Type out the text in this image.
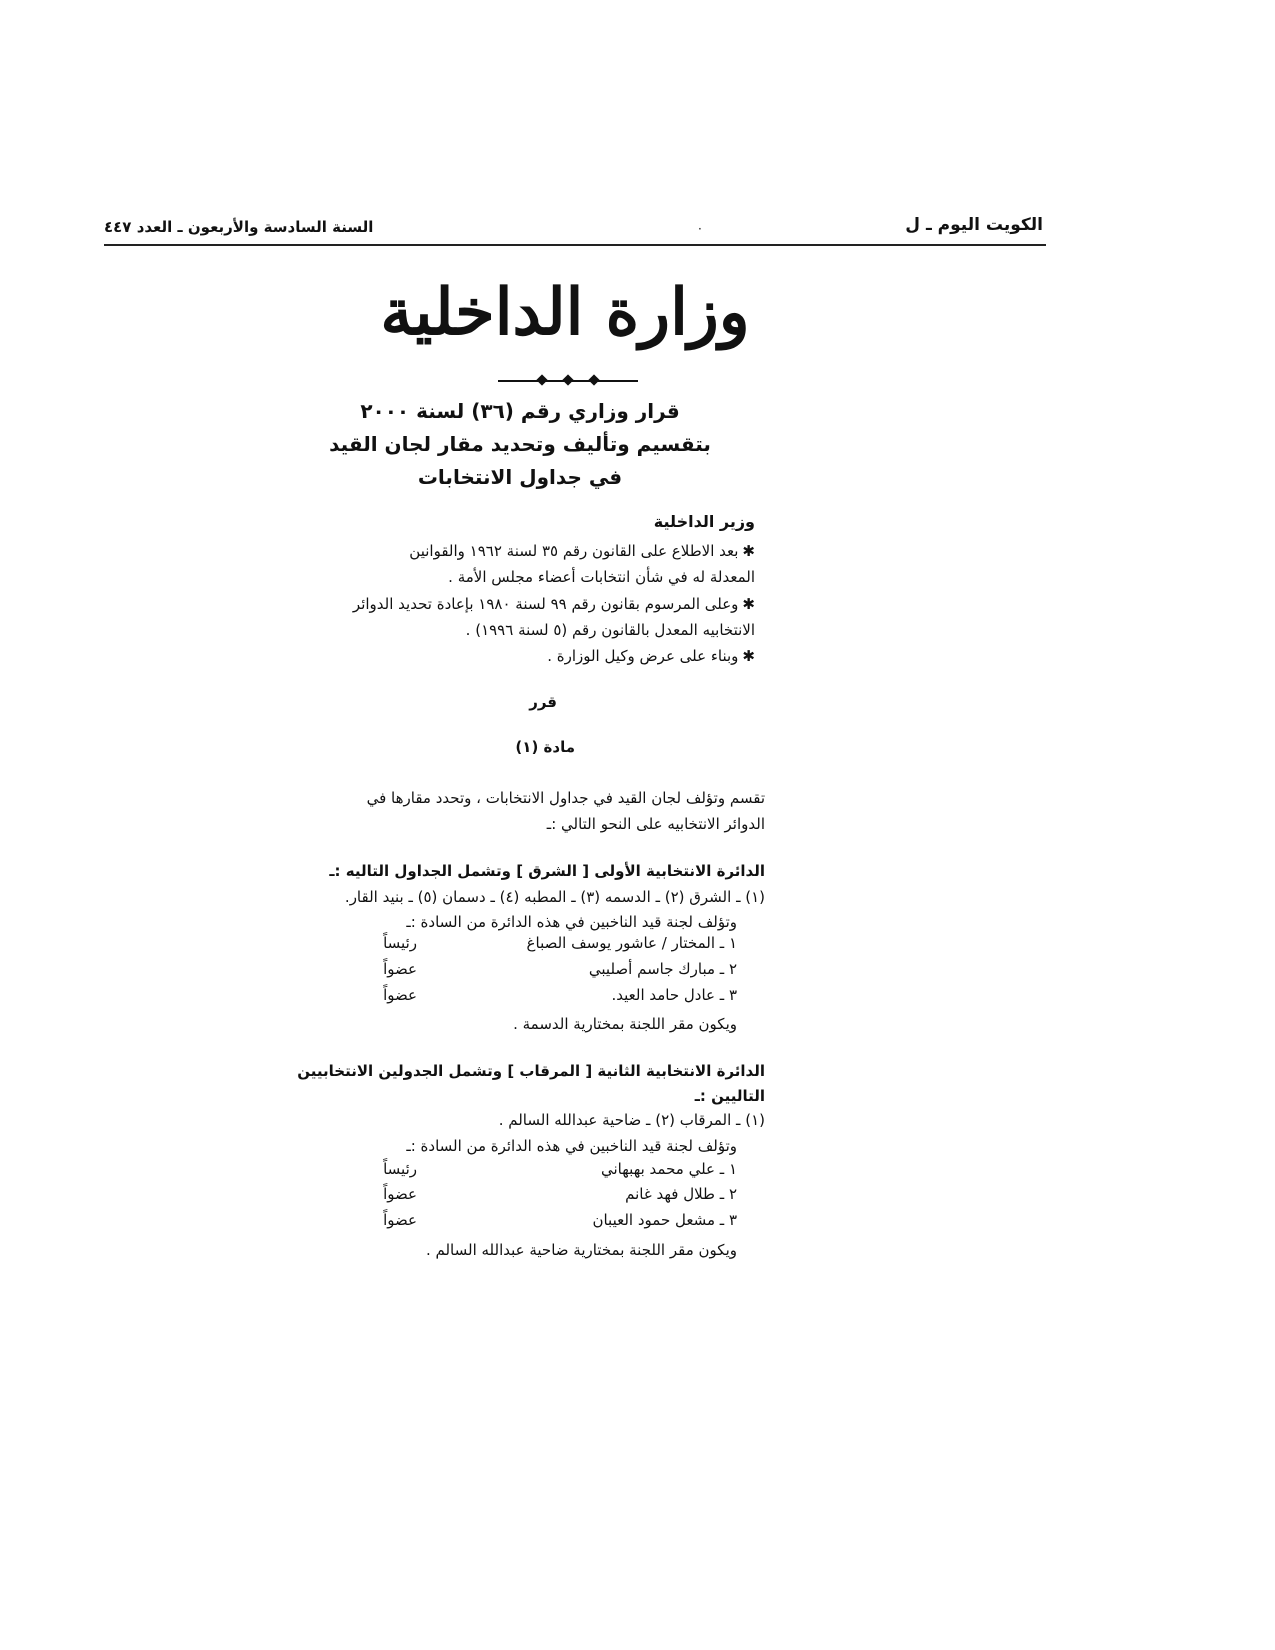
الكويت اليوم ـ ل
·
السنة السادسة والأربعون ـ العدد ٤٤٧
وزارة الداخلية
قرار وزاري رقم (٣٦) لسنة ٢٠٠٠
بتقسيم وتأليف وتحديد مقار لجان القيد
في جداول الانتخابات
وزير الداخلية
✱بعد الاطلاع على القانون رقم ٣٥ لسنة ١٩٦٢ والقوانين
المعدلة له في شأن انتخابات أعضاء مجلس الأمة .
✱وعلى المرسوم بقانون رقم ٩٩ لسنة ١٩٨٠ بإعادة تحديد الدوائر
الانتخابيه المعدل بالقانون رقم (٥ لسنة ١٩٩٦) .
✱وبناء على عرض وكيل الوزارة .
قرر
مادة (١)
تقسم وتؤلف لجان القيد في جداول الانتخابات ، وتحدد مقارها في
الدوائر الانتخابيه على النحو التالي :ـ
الدائرة الانتخابية الأولى [ الشرق ] وتشمل الجداول التاليه :ـ
(١) ـ الشرق (٢) ـ الدسمه (٣) ـ المطبه (٤) ـ دسمان (٥) ـ بنيد القار.
وتؤلف لجنة قيد الناخبين في هذه الدائرة من السادة :ـ
١ ـ المختار / عاشور يوسف الصباغ
رئيساً
٢ ـ مبارك جاسم أصليبي
عضواً
٣ ـ عادل حامد العيد.
عضواً
ويكون مقر اللجنة بمختارية الدسمة .
الدائرة الانتخابية الثانية [ المرقاب ] وتشمل الجدولين الانتخابيين
التاليين :ـ
(١) ـ المرقاب (٢) ـ ضاحية عبدالله السالم .
وتؤلف لجنة قيد الناخبين في هذه الدائرة من السادة :ـ
١ ـ علي محمد بهبهاني
رئيساً
٢ ـ طلال فهد غانم
عضواً
٣ ـ مشعل حمود العيبان
عضواً
ويكون مقر اللجنة بمختارية ضاحية عبدالله السالم .
